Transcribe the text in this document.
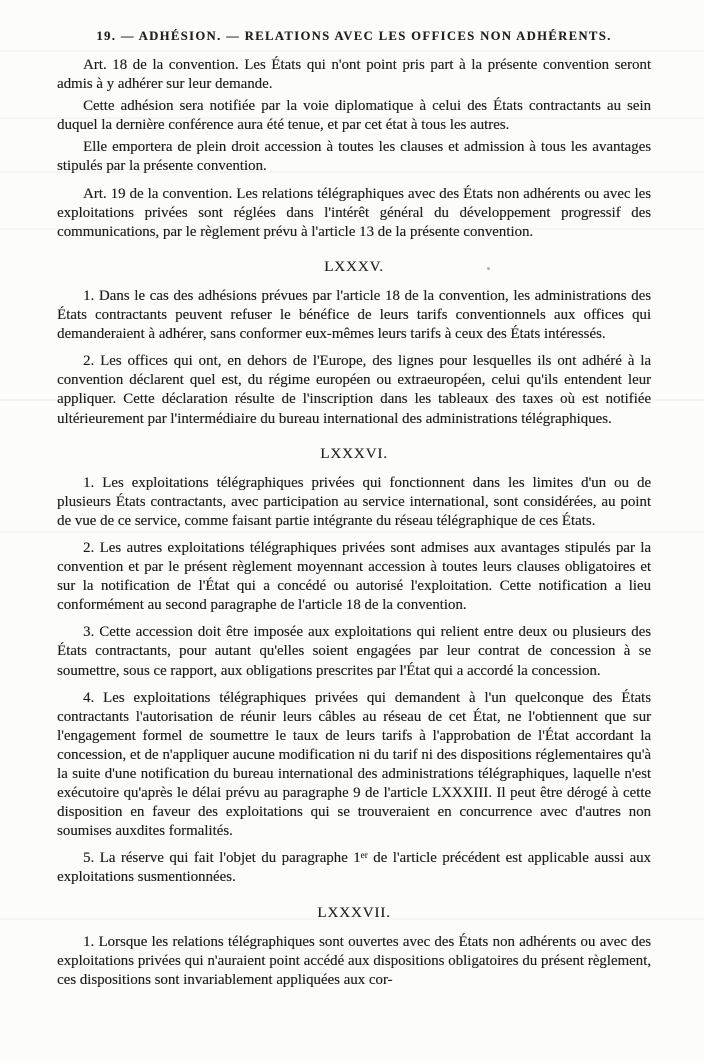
19. — ADHÉSION. — RELATIONS AVEC LES OFFICES NON ADHÉRENTS.
Art. 18 de la convention. Les États qui n'ont point pris part à la présente convention seront admis à y adhérer sur leur demande.
Cette adhésion sera notifiée par la voie diplomatique à celui des États contractants au sein duquel la dernière conférence aura été tenue, et par cet état à tous les autres.
Elle emportera de plein droit accession à toutes les clauses et admission à tous les avantages stipulés par la présente convention.
Art. 19 de la convention. Les relations télégraphiques avec des États non adhérents ou avec les exploitations privées sont réglées dans l'intérêt général du développement progressif des communications, par le règlement prévu à l'article 13 de la présente convention.
LXXXV.
1. Dans le cas des adhésions prévues par l'article 18 de la convention, les administrations des États contractants peuvent refuser le bénéfice de leurs tarifs conventionnels aux offices qui demanderaient à adhérer, sans conformer eux-mêmes leurs tarifs à ceux des États intéressés.
2. Les offices qui ont, en dehors de l'Europe, des lignes pour lesquelles ils ont adhéré à la convention déclarent quel est, du régime européen ou extraeuropéen, celui qu'ils entendent leur appliquer. Cette déclaration résulte de l'inscription dans les tableaux des taxes où est notifiée ultérieurement par l'intermédiaire du bureau international des administrations télégraphiques.
LXXXVI.
1. Les exploitations télégraphiques privées qui fonctionnent dans les limites d'un ou de plusieurs États contractants, avec participation au service international, sont considérées, au point de vue de ce service, comme faisant partie intégrante du réseau télégraphique de ces États.
2. Les autres exploitations télégraphiques privées sont admises aux avantages stipulés par la convention et par le présent règlement moyennant accession à toutes leurs clauses obligatoires et sur la notification de l'État qui a concédé ou autorisé l'exploitation. Cette notification a lieu conformément au second paragraphe de l'article 18 de la convention.
3. Cette accession doit être imposée aux exploitations qui relient entre deux ou plusieurs des États contractants, pour autant qu'elles soient engagées par leur contrat de concession à se soumettre, sous ce rapport, aux obligations prescrites par l'État qui a accordé la concession.
4. Les exploitations télégraphiques privées qui demandent à l'un quelconque des États contractants l'autorisation de réunir leurs câbles au réseau de cet État, ne l'obtiennent que sur l'engagement formel de soumettre le taux de leurs tarifs à l'approbation de l'État accordant la concession, et de n'appliquer aucune modification ni du tarif ni des dispositions réglementaires qu'à la suite d'une notification du bureau international des administrations télégraphiques, laquelle n'est exécutoire qu'après le délai prévu au paragraphe 9 de l'article LXXXIII. Il peut être dérogé à cette disposition en faveur des exploitations qui se trouveraient en concurrence avec d'autres non soumises auxdites formalités.
5. La réserve qui fait l'objet du paragraphe 1ᵉʳ de l'article précédent est applicable aussi aux exploitations susmentionnées.
LXXXVII.
1. Lorsque les relations télégraphiques sont ouvertes avec des États non adhérents ou avec des exploitations privées qui n'auraient point accédé aux dispositions obligatoires du présent règlement, ces dispositions sont invariablement appliquées aux cor-
